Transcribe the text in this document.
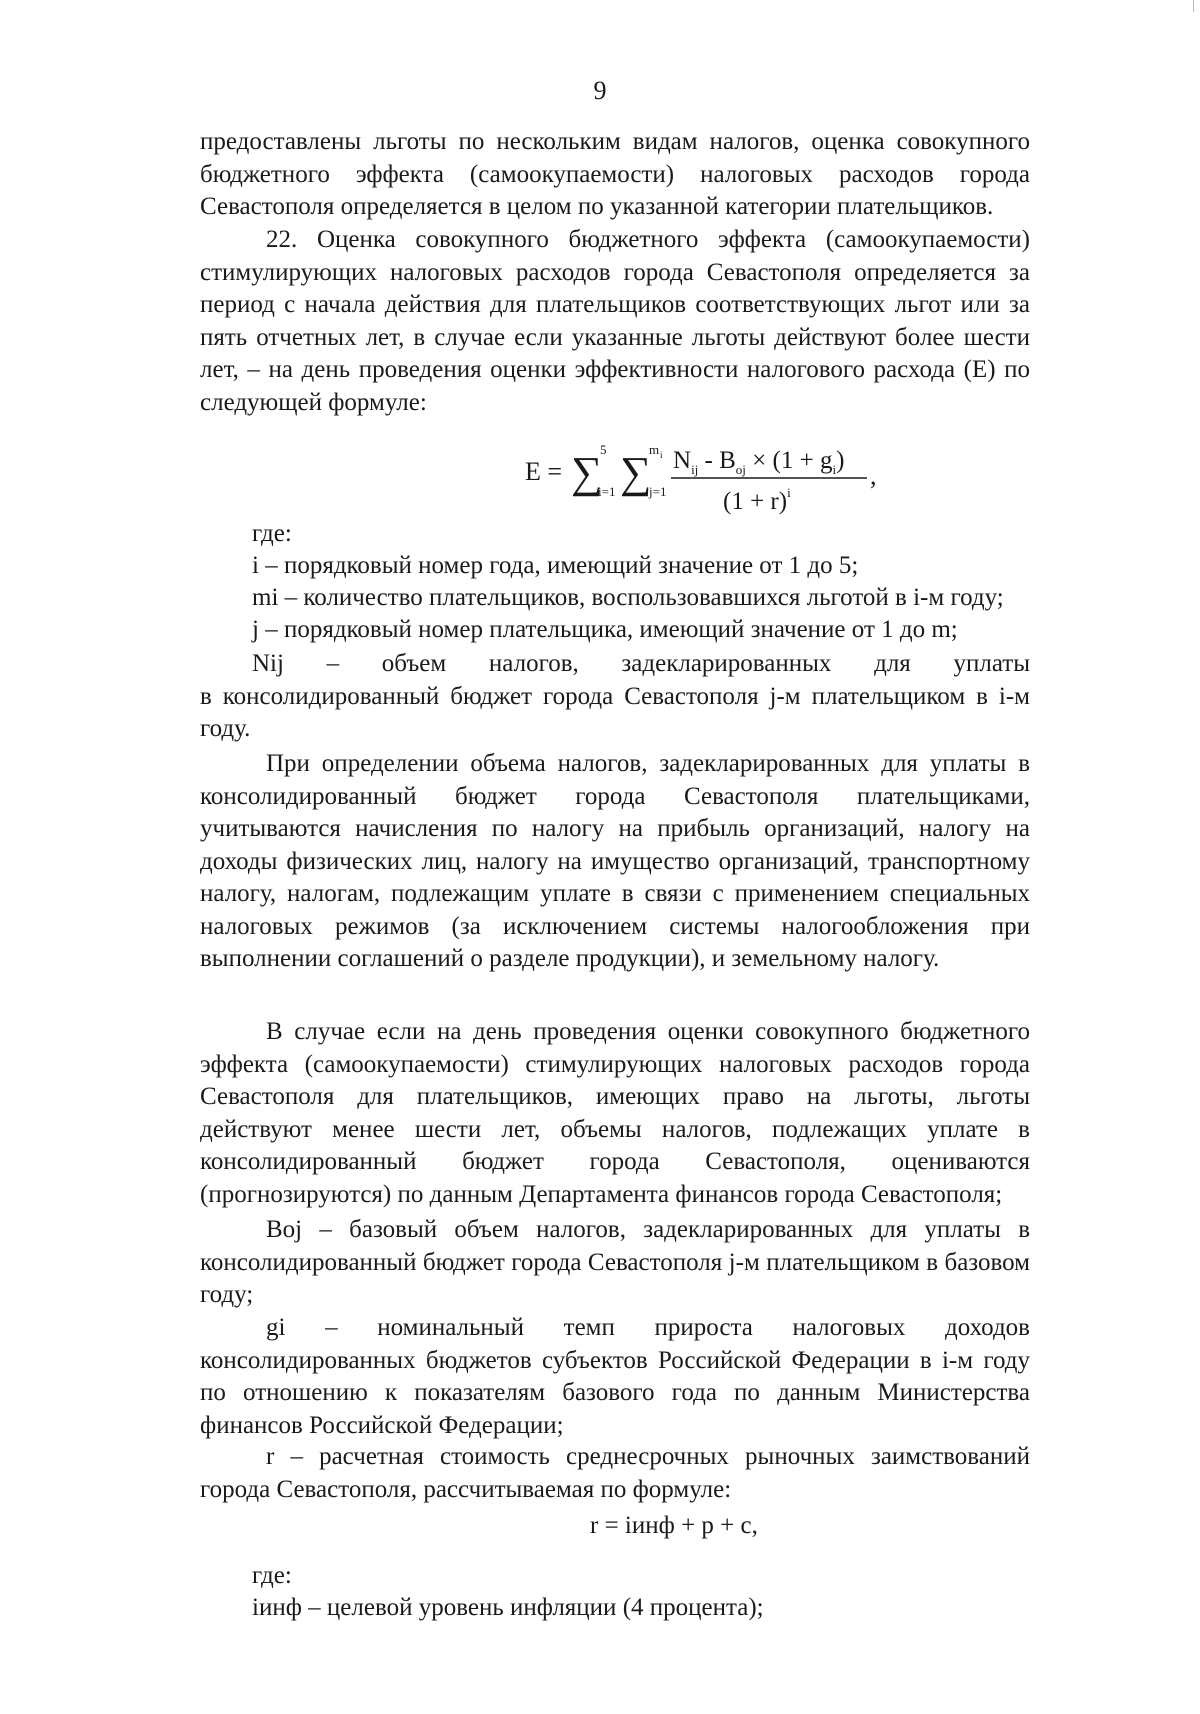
9

предоставлены льготы по нескольким видам налогов, оценка совокупного бюджетного эффекта (самоокупаемости) налоговых расходов города Севастополя определяется в целом по указанной категории плательщиков.

22. Оценка совокупного бюджетного эффекта (самоокупаемости) стимулирующих налоговых расходов города Севастополя определяется за период с начала действия для плательщиков соответствующих льгот или за пять отчетных лет, в случае если указанные льготы действуют более шести лет, – на день проведения оценки эффективности налогового расхода (E) по следующей формуле:

E = ∑
5
i=1 ∑
m i
j=1
$N_{ij} - B_{oj} \times (1 + g_i)$
$(1 + r)^i$
,

где:

i – порядковый номер года, имеющий значение от 1 до 5;

mi – количество плательщиков, воспользовавшихся льготой в i-м году;

j – порядковый номер плательщика, имеющий значение от 1 до m;

Nij – объем налогов, задекларированных для уплаты

в консолидированный бюджет города Севастополя j-м плательщиком в i-м году.

При определении объема налогов, задекларированных для уплаты в консолидированный бюджет города Севастополя плательщиками, учитываются начисления по налогу на прибыль организаций, налогу на доходы физических лиц, налогу на имущество организаций, транспортному налогу, налогам, подлежащим уплате в связи с применением специальных налоговых режимов (за исключением системы налогообложения при выполнении соглашений о разделе продукции), и земельному налогу.

В случае если на день проведения оценки совокупного бюджетного эффекта (самоокупаемости) стимулирующих налоговых расходов города Севастополя для плательщиков, имеющих право на льготы, льготы действуют менее шести лет, объемы налогов, подлежащих уплате в консолидированный бюджет города Севастополя, оцениваются (прогнозируются) по данным Департамента финансов города Севастополя;

Boj – базовый объем налогов, задекларированных для уплаты в консолидированный бюджет города Севастополя j-м плательщиком в базовом году;

gi – номинальный темп прироста налоговых доходов консолидированных бюджетов субъектов Российской Федерации в i-м году по отношению к показателям базового года по данным Министерства финансов Российской Федерации;

r – расчетная стоимость среднесрочных рыночных заимствований города Севастополя, рассчитываемая по формуле:

r = iинф + p + c,

где:

iинф – целевой уровень инфляции (4 процента);
